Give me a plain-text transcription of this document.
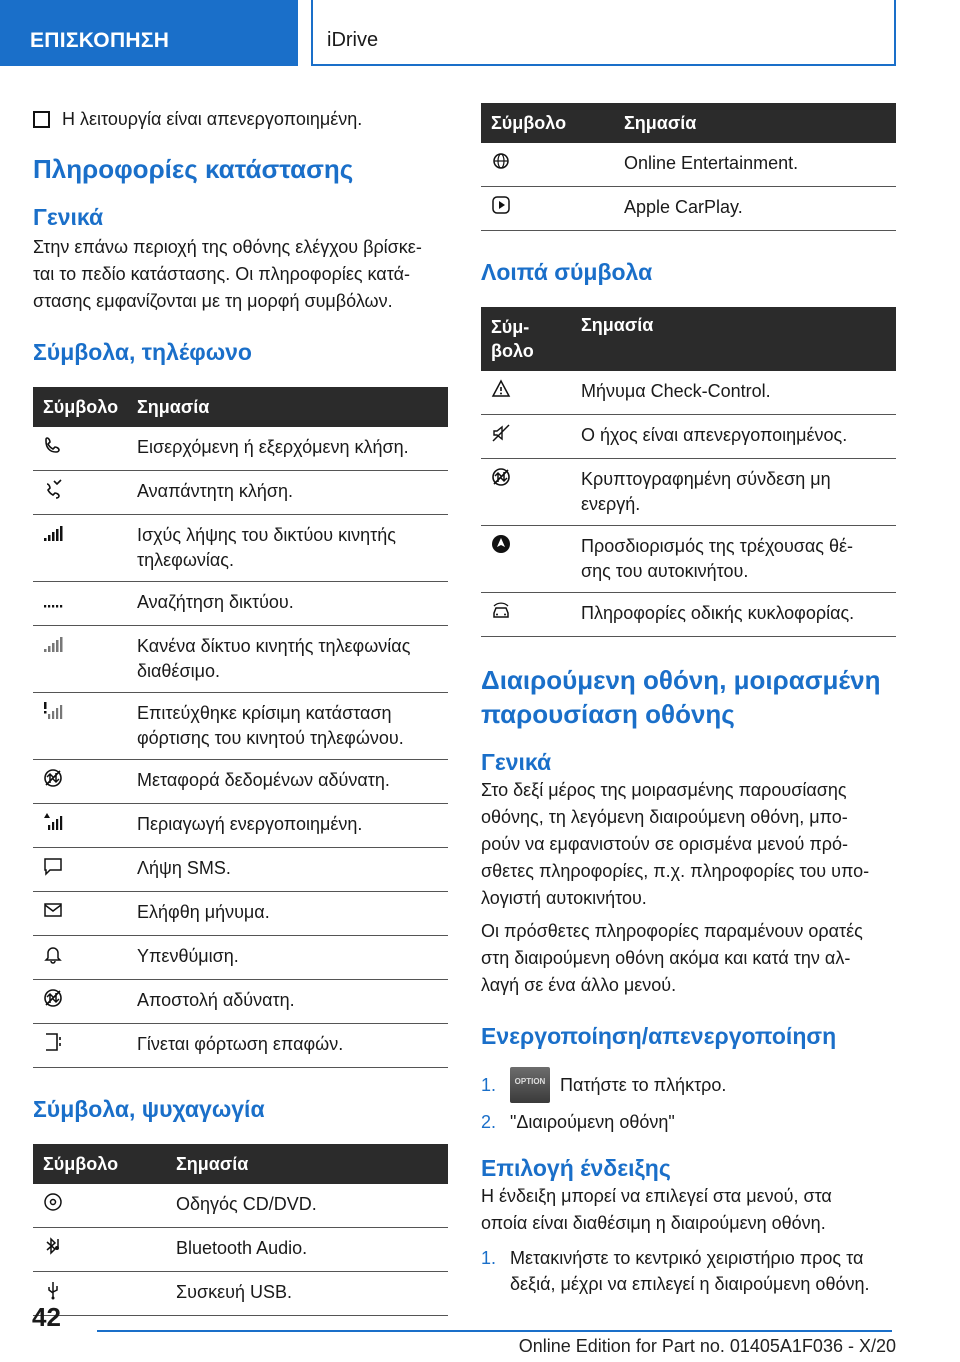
ΕΠΙΣΚΟΠΗΣΗ	iDrive
Η λειτουργία είναι απενεργοποιημένη.
Πληροφορίες κατάστασης
Γενικά

Στην επάνω περιοχή της οθόνης ελέγχου βρίσκε-
ται το πεδίο κατάστασης. Οι πληροφορίες κατά-
στασης εμφανίζονται με τη μορφή συμβόλων.

Σύμβολα, τηλέφωνο
Σύμβολο	Σημασία

	Εισερχόμενη ή εξερχόμενη κλήση.

	Αναπάντητη κλήση.

	Ισχύς λήψης του δικτύου κινητής
τηλεφωνίας.

	Αναζήτηση δικτύου.

	Κανένα δίκτυο κινητής τηλεφωνίας
διαθέσιμο.

	Επιτεύχθηκε κρίσιμη κατάσταση
φόρτισης του κινητού τηλεφώνου.

	Μεταφορά δεδομένων αδύνατη.

	Περιαγωγή ενεργοποιημένη.

	Λήψη SMS.

	Ελήφθη μήνυμα.

	Υπενθύμιση.

	Αποστολή αδύνατη.

	Γίνεται φόρτωση επαφών.
Σύμβολα, ψυχαγωγία
Σύμβολο	Σημασία

	Οδηγός CD/DVD.

	Bluetooth Audio.

	Συσκευή USB.
Σύμβολο	Σημασία

	Online Entertainment.

	Apple CarPlay.
Λοιπά σύμβολα
Σύμ-
βολο	Σημασία

	Μήνυμα Check-Control.

	Ο ήχος είναι απενεργοποιημένος.

	Κρυπτογραφημένη σύνδεση μη
ενεργή.

	Προσδιορισμός της τρέχουσας θέ-
σης του αυτοκινήτου.

	Πληροφορίες οδικής κυκλοφορίας.
Διαιρούμενη οθόνη, μοιρασμένη
παρουσίαση οθόνης
Γενικά

Στο δεξί μέρος της μοιρασμένης παρουσίασης
οθόνης, τη λεγόμενη διαιρούμενη οθόνη, μπο-
ρούν να εμφανιστούν σε ορισμένα μενού πρό-
σθετες πληροφορίες, π.χ. πληροφορίες του υπο-
λογιστή αυτοκινήτου.

Οι πρόσθετες πληροφορίες παραμένουν ορατές
στη διαιρούμενη οθόνη ακόμα και κατά την αλ-
λαγή σε ένα άλλο μενού.

Ενεργοποίηση/απενεργοποίηση
1.	OPTION Πατήστε το πλήκτρο.
2. "Διαιρούμενη οθόνη"
Επιλογή ένδειξης

Η ένδειξη μπορεί να επιλεγεί στα μενού, στα
οποία είναι διαθέσιμη η διαιρούμενη οθόνη.

1. Μετακινήστε το κεντρικό χειριστήριο προς τα
δεξιά, μέχρι να επιλεγεί η διαιρούμενη οθόνη.
42
Online Edition for Part no. 01405A1F036 - X/20
